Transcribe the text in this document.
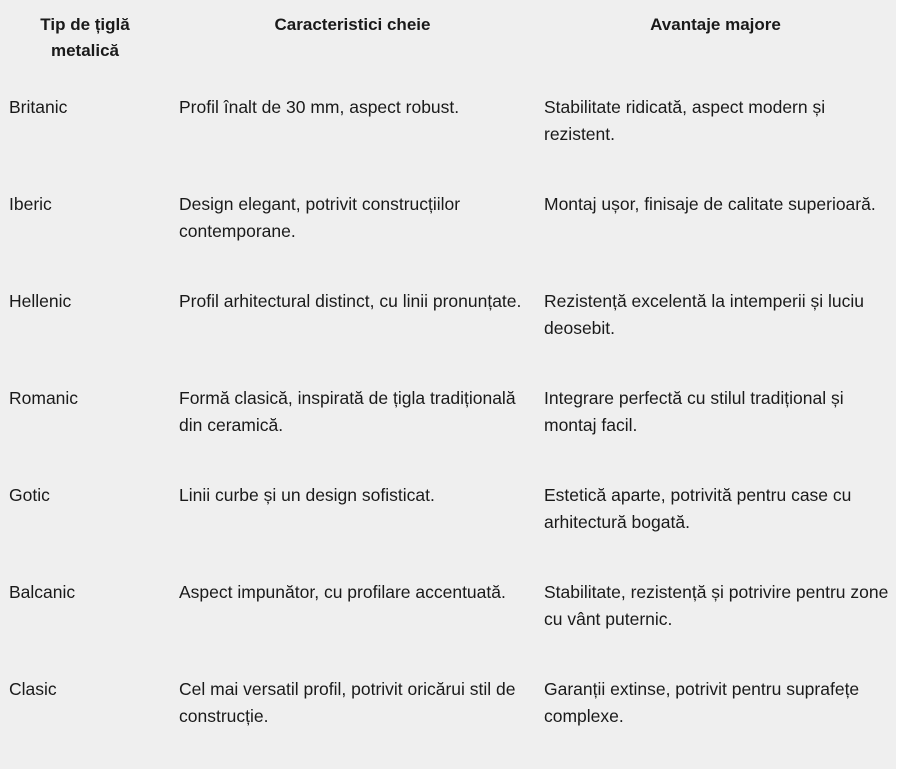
Tip de țiglă metalică	Caracteristici cheie	Avantaje majore
Britanic	Profil înalt de 30 mm, aspect robust.	Stabilitate ridicată, aspect modern și rezistent.
Iberic	Design elegant, potrivit construcțiilor contemporane.	Montaj ușor, finisaje de calitate superioară.
Hellenic	Profil arhitectural distinct, cu linii pronunțate.	Rezistență excelentă la intemperii și luciu deosebit.
Romanic	Formă clasică, inspirată de țigla tradițională din ceramică.	Integrare perfectă cu stilul tradițional și montaj facil.
Gotic	Linii curbe și un design sofisticat.	Estetică aparte, potrivită pentru case cu arhitectură bogată.
Balcanic	Aspect impunător, cu profilare accentuată.	Stabilitate, rezistență și potrivire pentru zone cu vânt puternic.
Clasic	Cel mai versatil profil, potrivit oricărui stil de construcție.	Garanții extinse, potrivit pentru suprafețe complexe.
